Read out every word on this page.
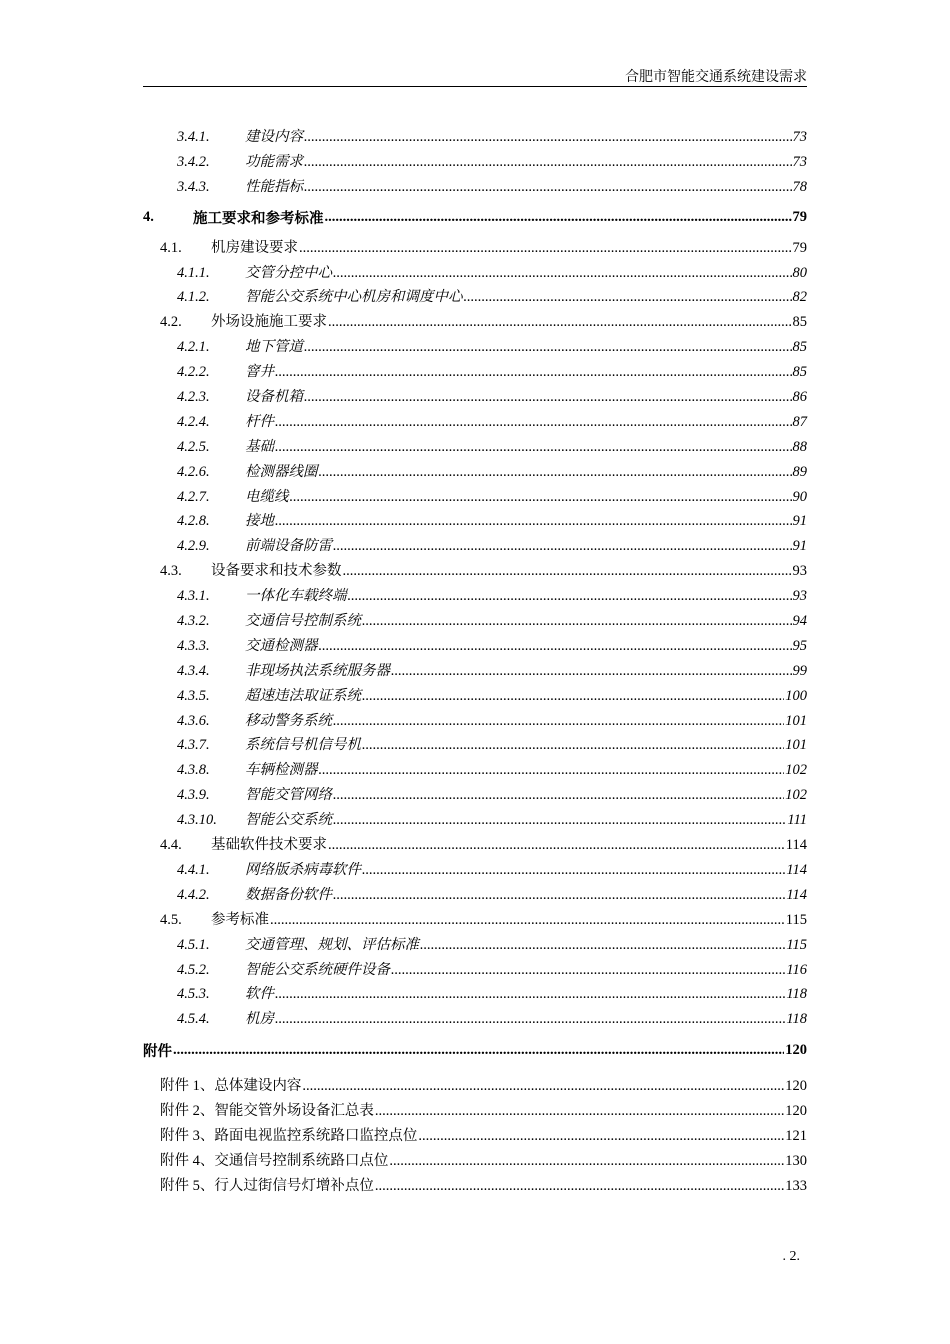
合肥市智能交通系统建设需求
3.4.1.	建设内容 .....	73
3.4.2.	功能需求 .....	73
3.4.3.	性能指标 .....	78
4.	施工要求和参考标准 .....	79
4.1.	机房建设要求 .....	79
4.1.1.	交管分控中心 .....	80
4.1.2.	智能公交系统中心机房和调度中心 .....	82
4.2.	外场设施施工要求 .....	85
4.2.1.	地下管道 .....	85
4.2.2.	窨井 .....	85
4.2.3.	设备机箱 .....	86
4.2.4.	杆件 .....	87
4.2.5.	基础 .....	88
4.2.6.	检测器线圈 .....	89
4.2.7.	电缆线 .....	90
4.2.8.	接地 .....	91
4.2.9.	前端设备防雷 .....	91
4.3.	设备要求和技术参数 .....	93
4.3.1.	一体化车载终端 .....	93
4.3.2.	交通信号控制系统 .....	94
4.3.3.	交通检测器 .....	95
4.3.4.	非现场执法系统服务器 .....	99
4.3.5.	超速违法取证系统 .....	100
4.3.6.	移动警务系统 .....	101
4.3.7.	系统信号机信号机 .....	101
4.3.8.	车辆检测器 .....	102
4.3.9.	智能交管网络 .....	102
4.3.10.	智能公交系统 .....	111
4.4.	基础软件技术要求 .....	114
4.4.1.	网络版杀病毒软件 .....	114
4.4.2.	数据备份软件 .....	114
4.5.	参考标准 .....	115
4.5.1.	交通管理、规划、评估标准 .....	115
4.5.2.	智能公交系统硬件设备 .....	116
4.5.3.	软件 .....	118
4.5.4.	机房 .....	118
附件 .....	120
附件 1、总体建设内容 .....	120
附件 2、智能交管外场设备汇总表 .....	120
附件 3、路面电视监控系统路口监控点位 .....	121
附件 4、交通信号控制系统路口点位 .....	130
附件 5、行人过街信号灯增补点位 .....	133
. 2.
